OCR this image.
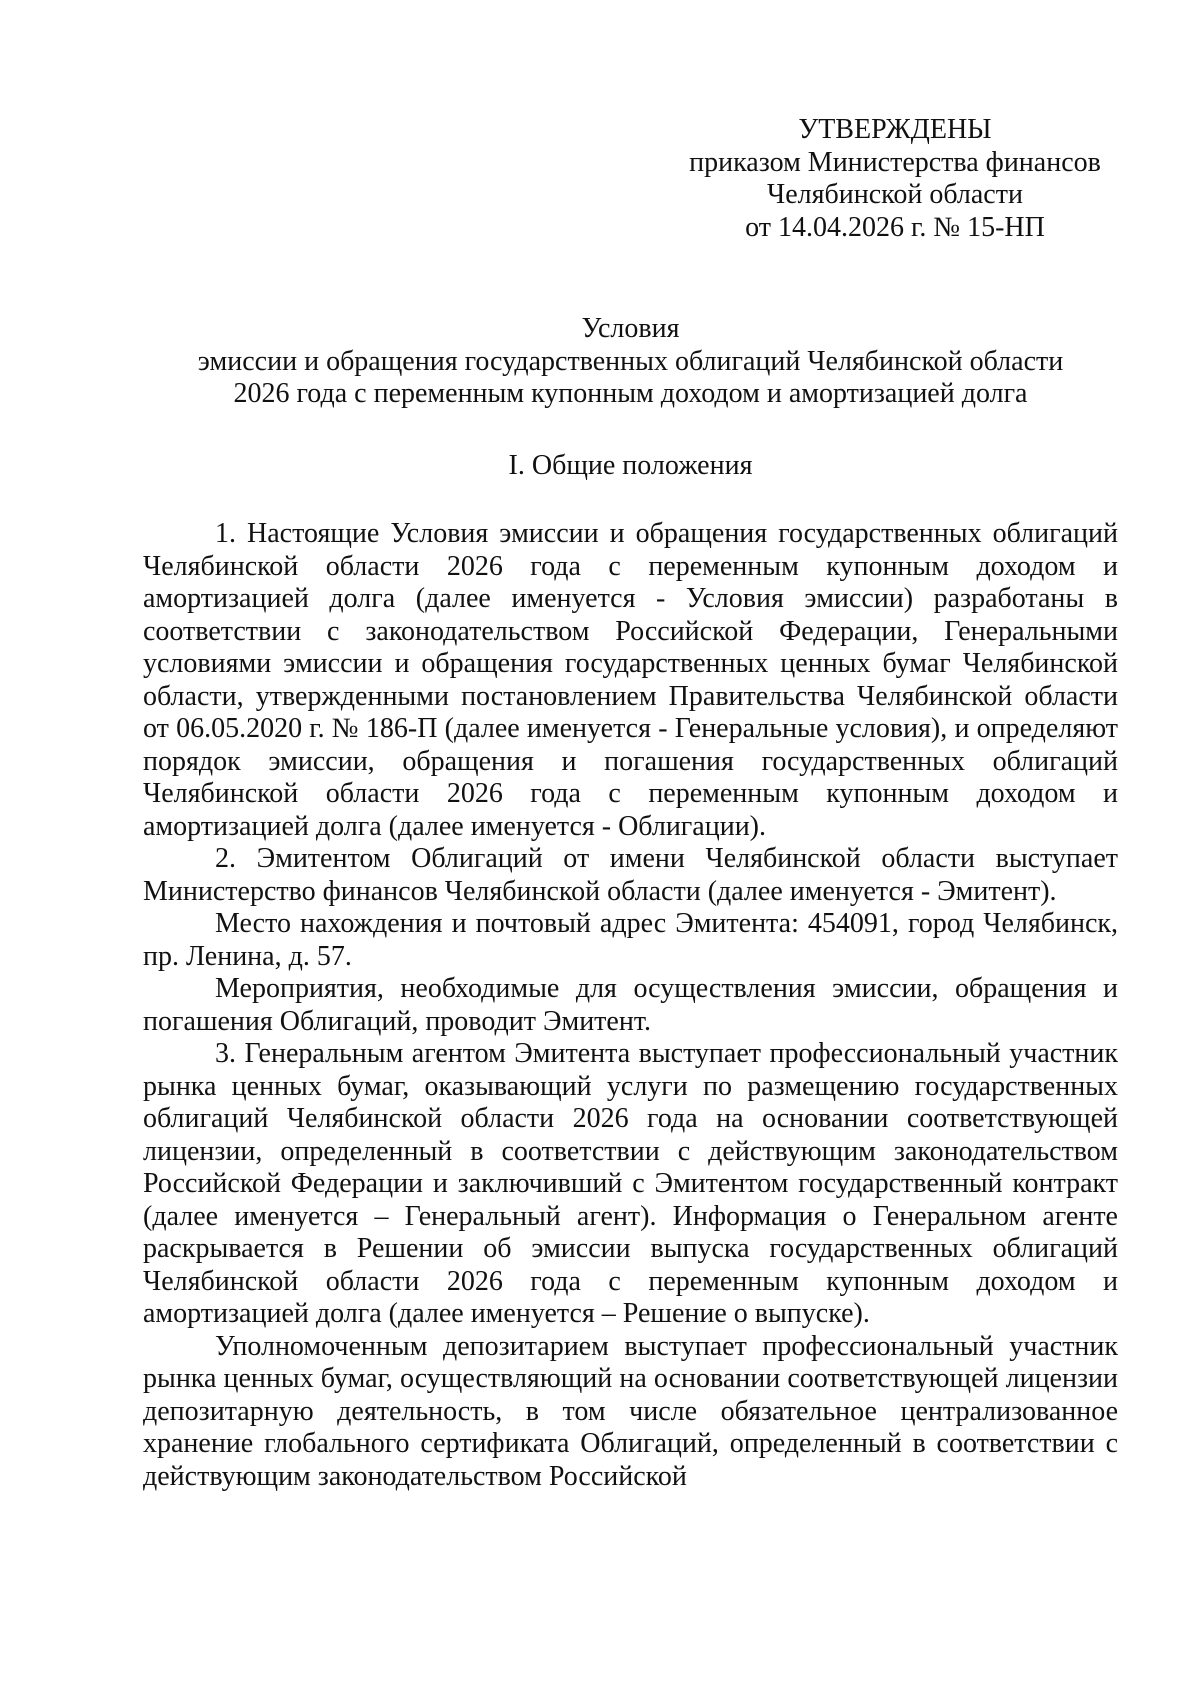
УТВЕРЖДЕНЫ
приказом Министерства финансов
Челябинской области
от 14.04.2026 г. № 15-НП
Условия
эмиссии и обращения государственных облигаций Челябинской области
2026 года с переменным купонным доходом и амортизацией долга
I. Общие положения

1. Настоящие Условия эмиссии и обращения государственных облигаций Челябинской области 2026 года с переменным купонным доходом и амортизацией долга (далее именуется - Условия эмиссии) разработаны в соответствии с законодательством Российской Федерации, Генеральными условиями эмиссии и обращения государственных ценных бумаг Челябинской области, утвержденными постановлением Правительства Челябинской области от 06.05.2020 г. № 186-П (далее именуется - Генеральные условия), и определяют порядок эмиссии, обращения и погашения государственных облигаций Челябинской области 2026 года с переменным купонным доходом и амортизацией долга (далее именуется - Облигации).

2. Эмитентом Облигаций от имени Челябинской области выступает Министерство финансов Челябинской области (далее именуется - Эмитент).

Место нахождения и почтовый адрес Эмитента: 454091, город Челябинск, пр. Ленина, д. 57.

Мероприятия, необходимые для осуществления эмиссии, обращения и погашения Облигаций, проводит Эмитент.

3. Генеральным агентом Эмитента выступает профессиональный участник рынка ценных бумаг, оказывающий услуги по размещению государственных облигаций Челябинской области 2026 года на основании соответствующей лицензии, определенный в соответствии с действующим законодательством Российской Федерации и заключивший с Эмитентом государственный контракт (далее именуется – Генеральный агент). Информация о Генеральном агенте раскрывается в Решении об эмиссии выпуска государственных облигаций Челябинской области 2026 года с переменным купонным доходом и амортизацией долга (далее именуется – Решение о выпуске).

Уполномоченным депозитарием выступает профессиональный участник рынка ценных бумаг, осуществляющий на основании соответствующей лицензии депозитарную деятельность, в том числе обязательное централизованное хранение глобального сертификата Облигаций, определенный в соответствии с действующим законодательством Российской
